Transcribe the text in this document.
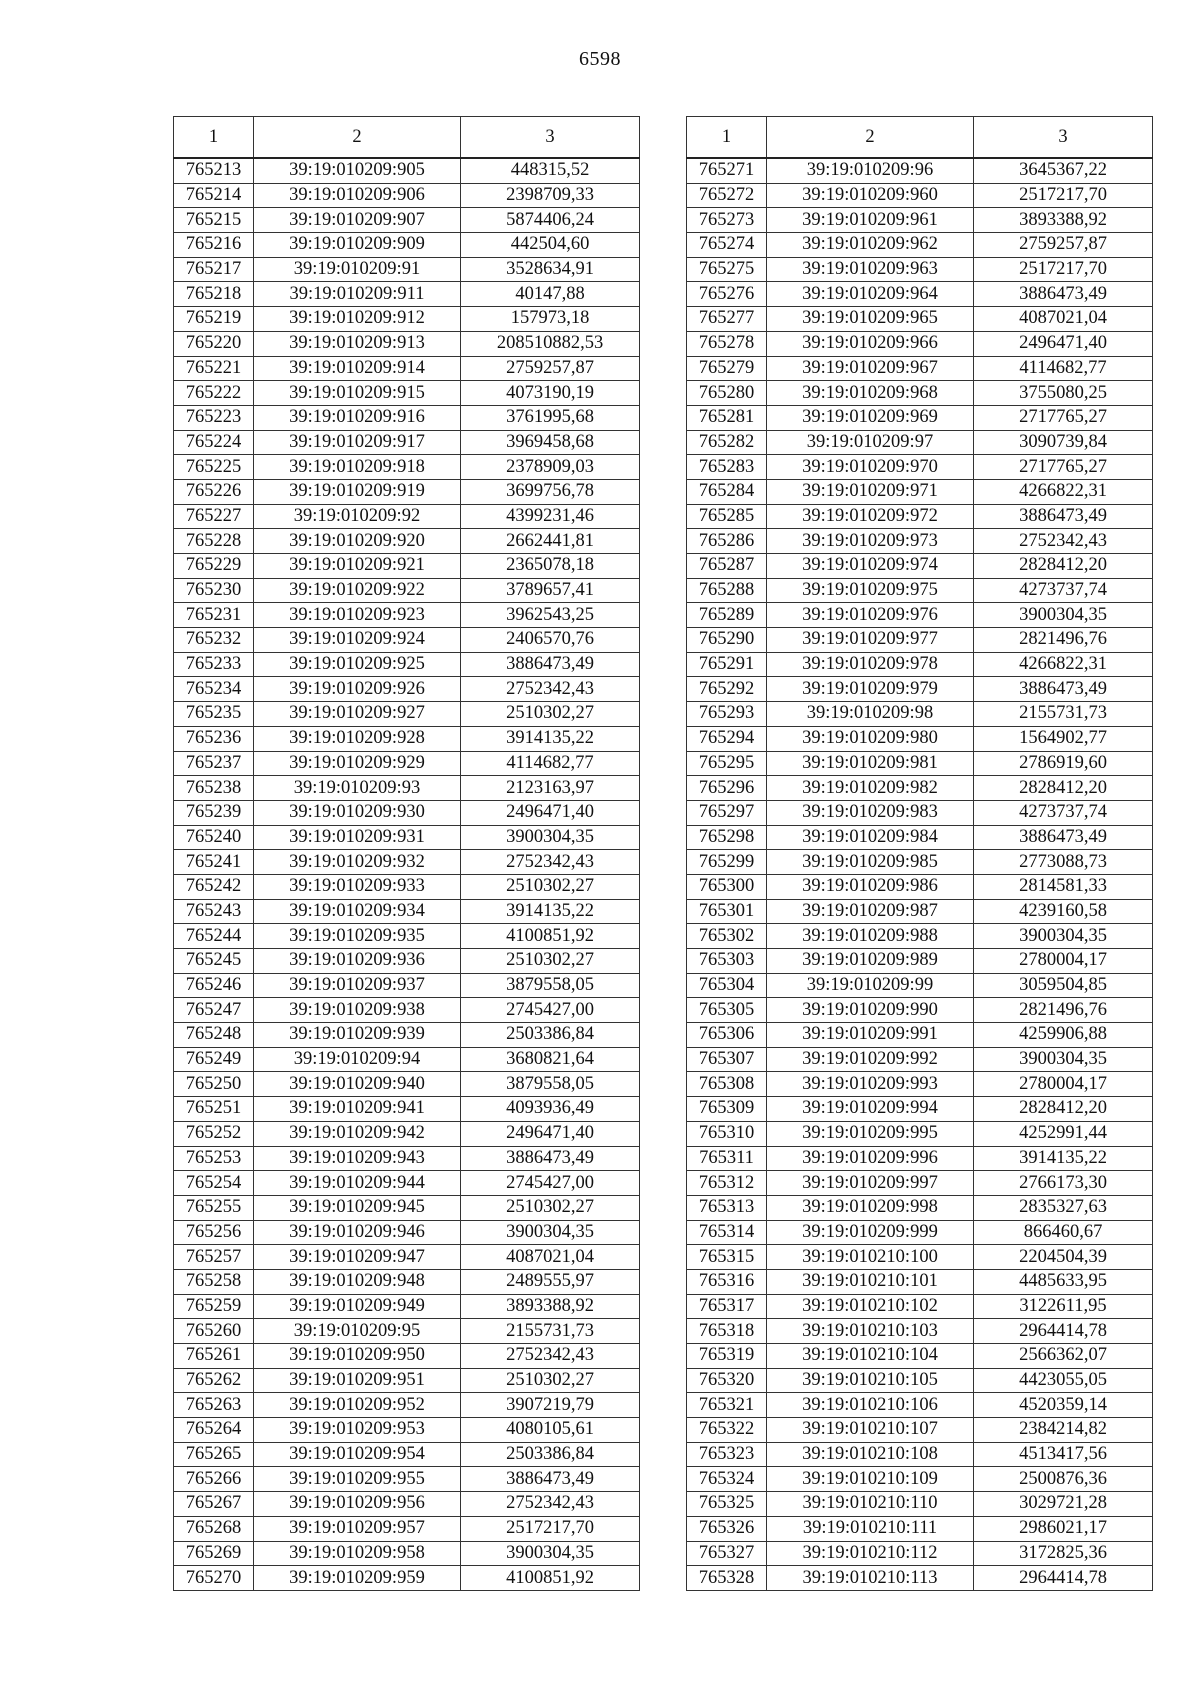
6598
1	2	3
765213	39:19:010209:905	448315,52
765214	39:19:010209:906	2398709,33
765215	39:19:010209:907	5874406,24
765216	39:19:010209:909	442504,60
765217	39:19:010209:91	3528634,91
765218	39:19:010209:911	40147,88
765219	39:19:010209:912	157973,18
765220	39:19:010209:913	208510882,53
765221	39:19:010209:914	2759257,87
765222	39:19:010209:915	4073190,19
765223	39:19:010209:916	3761995,68
765224	39:19:010209:917	3969458,68
765225	39:19:010209:918	2378909,03
765226	39:19:010209:919	3699756,78
765227	39:19:010209:92	4399231,46
765228	39:19:010209:920	2662441,81
765229	39:19:010209:921	2365078,18
765230	39:19:010209:922	3789657,41
765231	39:19:010209:923	3962543,25
765232	39:19:010209:924	2406570,76
765233	39:19:010209:925	3886473,49
765234	39:19:010209:926	2752342,43
765235	39:19:010209:927	2510302,27
765236	39:19:010209:928	3914135,22
765237	39:19:010209:929	4114682,77
765238	39:19:010209:93	2123163,97
765239	39:19:010209:930	2496471,40
765240	39:19:010209:931	3900304,35
765241	39:19:010209:932	2752342,43
765242	39:19:010209:933	2510302,27
765243	39:19:010209:934	3914135,22
765244	39:19:010209:935	4100851,92
765245	39:19:010209:936	2510302,27
765246	39:19:010209:937	3879558,05
765247	39:19:010209:938	2745427,00
765248	39:19:010209:939	2503386,84
765249	39:19:010209:94	3680821,64
765250	39:19:010209:940	3879558,05
765251	39:19:010209:941	4093936,49
765252	39:19:010209:942	2496471,40
765253	39:19:010209:943	3886473,49
765254	39:19:010209:944	2745427,00
765255	39:19:010209:945	2510302,27
765256	39:19:010209:946	3900304,35
765257	39:19:010209:947	4087021,04
765258	39:19:010209:948	2489555,97
765259	39:19:010209:949	3893388,92
765260	39:19:010209:95	2155731,73
765261	39:19:010209:950	2752342,43
765262	39:19:010209:951	2510302,27
765263	39:19:010209:952	3907219,79
765264	39:19:010209:953	4080105,61
765265	39:19:010209:954	2503386,84
765266	39:19:010209:955	3886473,49
765267	39:19:010209:956	2752342,43
765268	39:19:010209:957	2517217,70
765269	39:19:010209:958	3900304,35
765270	39:19:010209:959	4100851,92
1	2	3
765271	39:19:010209:96	3645367,22
765272	39:19:010209:960	2517217,70
765273	39:19:010209:961	3893388,92
765274	39:19:010209:962	2759257,87
765275	39:19:010209:963	2517217,70
765276	39:19:010209:964	3886473,49
765277	39:19:010209:965	4087021,04
765278	39:19:010209:966	2496471,40
765279	39:19:010209:967	4114682,77
765280	39:19:010209:968	3755080,25
765281	39:19:010209:969	2717765,27
765282	39:19:010209:97	3090739,84
765283	39:19:010209:970	2717765,27
765284	39:19:010209:971	4266822,31
765285	39:19:010209:972	3886473,49
765286	39:19:010209:973	2752342,43
765287	39:19:010209:974	2828412,20
765288	39:19:010209:975	4273737,74
765289	39:19:010209:976	3900304,35
765290	39:19:010209:977	2821496,76
765291	39:19:010209:978	4266822,31
765292	39:19:010209:979	3886473,49
765293	39:19:010209:98	2155731,73
765294	39:19:010209:980	1564902,77
765295	39:19:010209:981	2786919,60
765296	39:19:010209:982	2828412,20
765297	39:19:010209:983	4273737,74
765298	39:19:010209:984	3886473,49
765299	39:19:010209:985	2773088,73
765300	39:19:010209:986	2814581,33
765301	39:19:010209:987	4239160,58
765302	39:19:010209:988	3900304,35
765303	39:19:010209:989	2780004,17
765304	39:19:010209:99	3059504,85
765305	39:19:010209:990	2821496,76
765306	39:19:010209:991	4259906,88
765307	39:19:010209:992	3900304,35
765308	39:19:010209:993	2780004,17
765309	39:19:010209:994	2828412,20
765310	39:19:010209:995	4252991,44
765311	39:19:010209:996	3914135,22
765312	39:19:010209:997	2766173,30
765313	39:19:010209:998	2835327,63
765314	39:19:010209:999	866460,67
765315	39:19:010210:100	2204504,39
765316	39:19:010210:101	4485633,95
765317	39:19:010210:102	3122611,95
765318	39:19:010210:103	2964414,78
765319	39:19:010210:104	2566362,07
765320	39:19:010210:105	4423055,05
765321	39:19:010210:106	4520359,14
765322	39:19:010210:107	2384214,82
765323	39:19:010210:108	4513417,56
765324	39:19:010210:109	2500876,36
765325	39:19:010210:110	3029721,28
765326	39:19:010210:111	2986021,17
765327	39:19:010210:112	3172825,36
765328	39:19:010210:113	2964414,78
